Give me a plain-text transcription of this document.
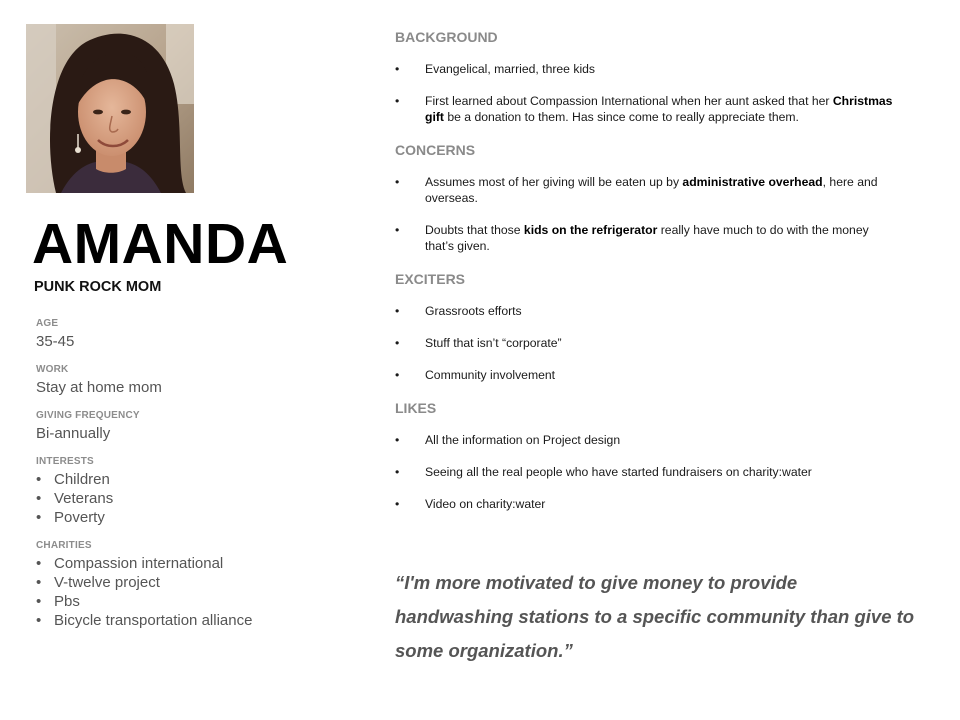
AMANDA
PUNK ROCK MOM
AGE
35-45
WORK
Stay at home mom
GIVING FREQUENCY
Bi-annually
INTERESTS
• Children
• Veterans
• Poverty
CHARITIES
• Compassion international
• V-twelve project
• Pbs
• Bicycle transportation alliance
BACKGROUND
• Evangelical, married, three kids
• First learned about Compassion International when her aunt asked that her Christmas gift be a donation to them. Has since come to really appreciate them.
CONCERNS
• Assumes most of her giving will be eaten up by administrative overhead, here and overseas.
• Doubts that those kids on the refrigerator really have much to do with the money that’s given.
EXCITERS
• Grassroots efforts
• Stuff that isn’t “corporate”
• Community involvement
LIKES
• All the information on Project design
• Seeing all the real people who have started fundraisers on charity:water
• Video on charity:water
“I'm more motivated to give money to provide handwashing stations to a specific community than give to some organization.”
